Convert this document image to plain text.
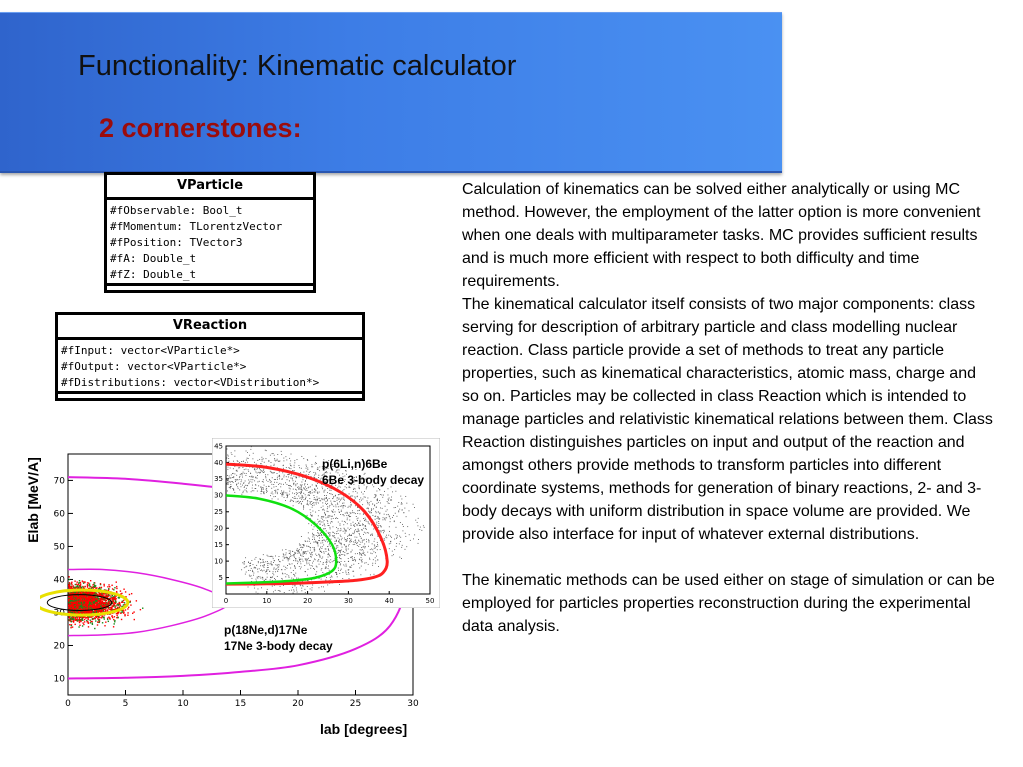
Functionality: Kinematic calculator
2 cornerstones:
VParticle
#fObservable: Bool_t
#fMomentum: TLorentzVector
#fPosition: TVector3
#fA: Double_t
#fZ: Double_t
VReaction
#fInput: vector<VParticle*>
#fOutput: vector<VParticle*>
#fDistributions: vector<VDistribution*>

Calculation of kinematics can be solved either analytically or using MC method. However, the employment of the latter option is more convenient when one deals with multiparameter tasks. MC provides sufficient results and is much more efficient with respect to both difficulty and time requirements.

The kinematical calculator itself consists of two major components: class serving for description of arbitrary particle and class modelling nuclear reaction. Class particle provide a set of methods to treat any particle properties, such as kinematical characteristics, atomic mass, charge and so on. Particles may be collected in class Reaction which is intended to manage particles and relativistic kinematical relations between them. Class Reaction distinguishes particles on input and output of the reaction and amongst others provide methods to transform particles into different coordinate systems, methods for generation of binary reactions, 2- and 3-body decays with uniform distribution in space volume are provided. We provide also interface for input of whatever external distributions.

The kinematic methods can be used either on stage of simulation or can be employed for particles properties reconstruction during the experimental data analysis.

0	5	10	15	20	25	30
10
20
30
40
50
60
70
Elab [MeV/A]
lab [degrees]
0	10	20	30	40	50
5
10
15
20
25
30
35
40
45
p(6Li,n)6Be
6Be 3-body decay
p(18Ne,d)17Ne
17Ne 3-body decay
